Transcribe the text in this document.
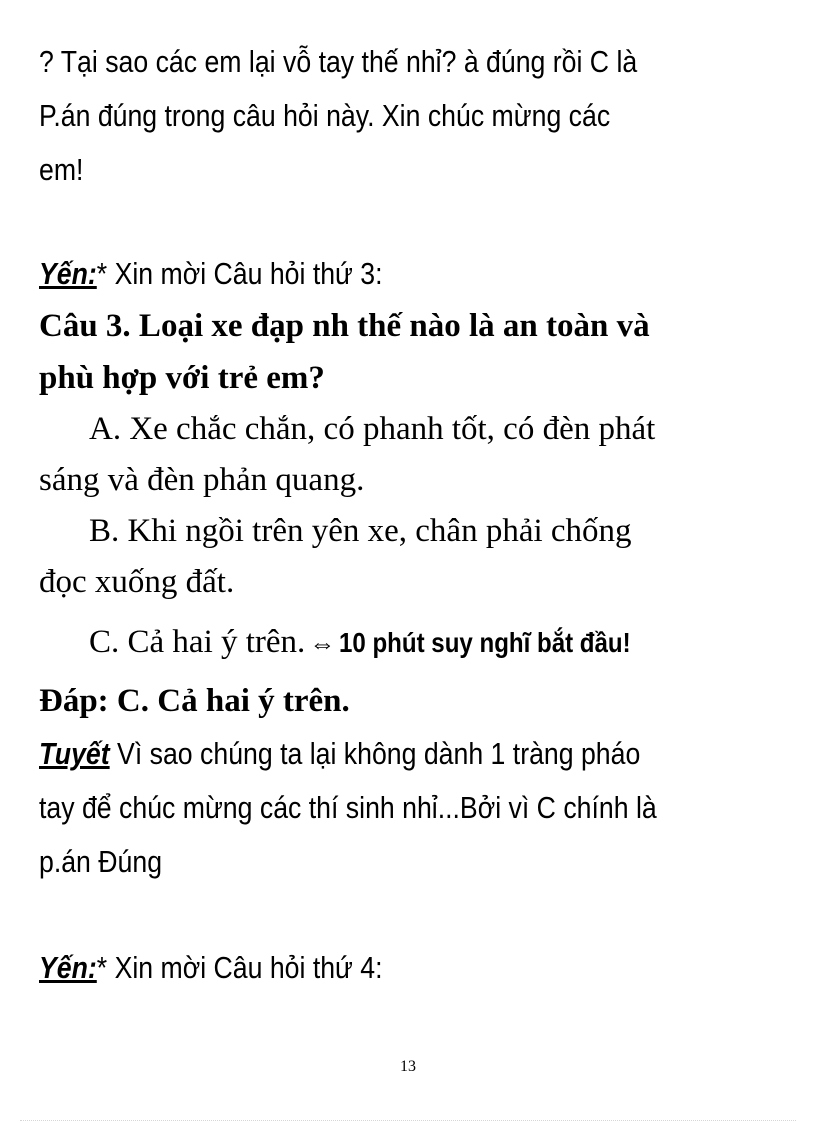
? Tại sao các em lại vỗ tay thế nhỉ? à đúng rồi C là
P.án đúng trong câu hỏi này. Xin chúc mừng các
em!
Yến:* Xin mời Câu hỏi thứ 3:
Câu 3. Loại xe đạp nh thế nào là an toàn và
phù hợp với trẻ em?
A. Xe chắc chắn, có phanh tốt, có đèn phát
sáng và đèn phản quang.
B. Khi ngồi trên yên xe, chân phải chống
đọc xuống đất.
C. Cả hai ý trên. ⇔ 10 phút suy nghĩ bắt đầu!
Đáp: C. Cả hai ý trên.
Tuyết Vì sao chúng ta lại không dành 1 tràng pháo
tay để chúc mừng các thí sinh nhỉ...Bởi vì C chính là
p.án Đúng
Yến:* Xin mời Câu hỏi thứ 4:
13
